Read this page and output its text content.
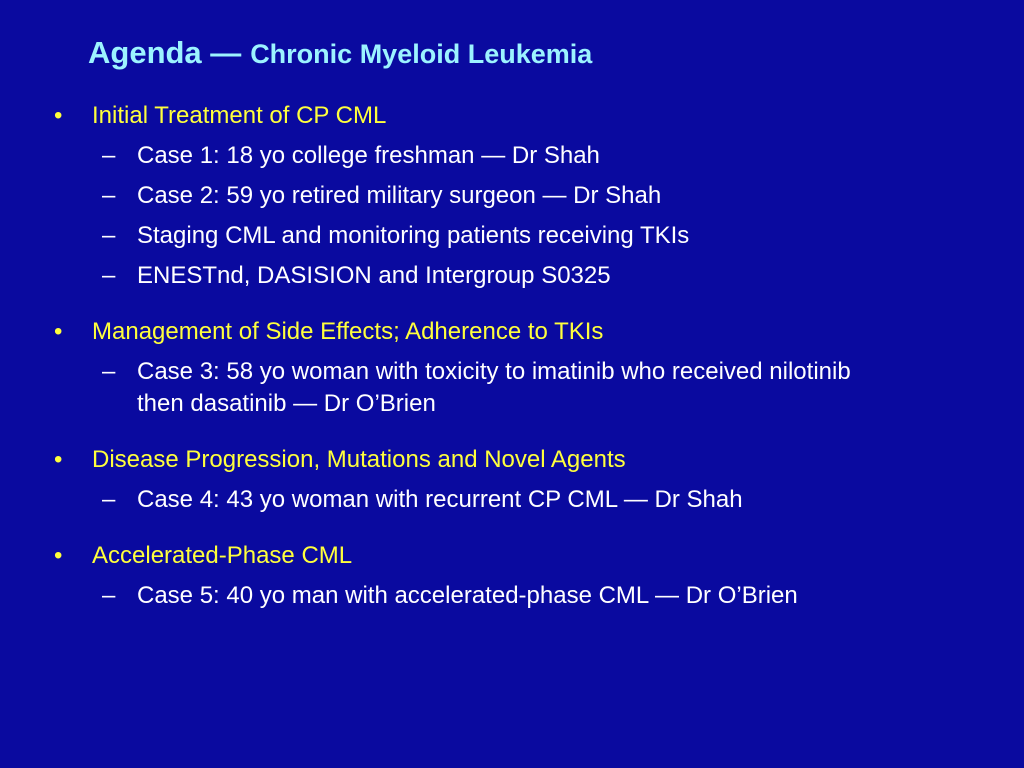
Agenda — Chronic Myeloid Leukemia
• Initial Treatment of CP CML
– Case 1: 18 yo college freshman — Dr Shah
– Case 2: 59 yo retired military surgeon — Dr Shah
– Staging CML and monitoring patients receiving TKIs
– ENESTnd, DASISION and Intergroup S0325
• Management of Side Effects; Adherence to TKIs
– Case 3: 58 yo woman with toxicity to imatinib who received nilotinib then dasatinib — Dr O’Brien
• Disease Progression, Mutations and Novel Agents
– Case 4: 43 yo woman with recurrent CP CML — Dr Shah
• Accelerated-Phase CML
– Case 5: 40 yo man with accelerated-phase CML — Dr O’Brien
